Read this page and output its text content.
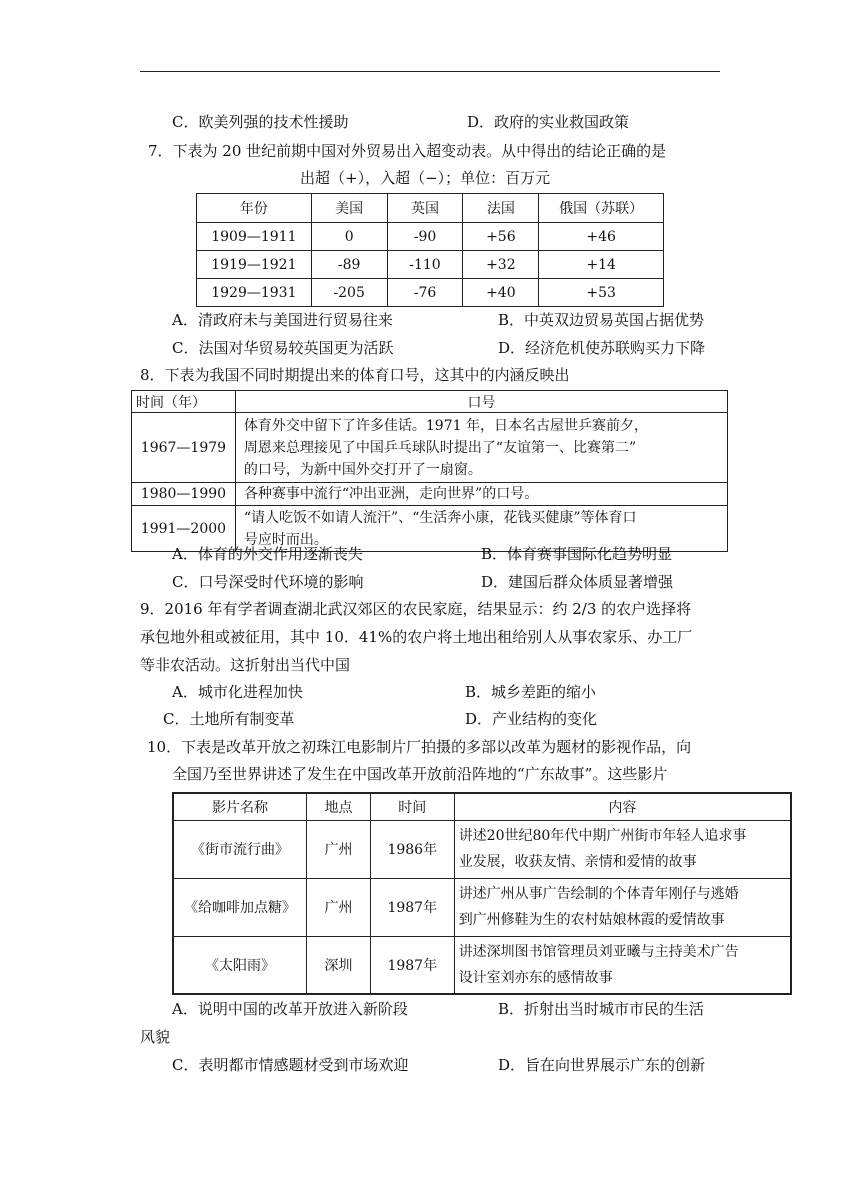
C．欧美列强的技术性援助	D．政府的实业救国政策
7．下表为 20 世纪前期中国对外贸易出入超变动表。从中得出的结论正确的是
出超（+），入超（−）；单位：百万元
年份	美国	英国	法国	俄国（苏联）
1909—1911	0	-90	+56	+46
1919—1921	-89	-110	+32	+14
1929—1931	-205	-76	+40	+53
A．清政府未与美国进行贸易往来	B．中英双边贸易英国占据优势
C．法国对华贸易较英国更为活跃	D．经济危机使苏联购买力下降
8．下表为我国不同时期提出来的体育口号，这其中的内涵反映出
时间（年）	口号
1967—1979	体育外交中留下了许多佳话。1971 年，日本名古屋世乒赛前夕，
周恩来总理接见了中国乒乓球队时提出了“友谊第一、比赛第二”
的口号，为新中国外交打开了一扇窗。

1980—1990	各种赛事中流行“冲出亚洲，走向世界”的口号。

1991—2000	“请人吃饭不如请人流汗”、“生活奔小康，花钱买健康”等体育口
号应时而出。
A．体育的外交作用逐渐丧失	B．体育赛事国际化趋势明显
C．口号深受时代环境的影响	D．建国后群众体质显著增强
9．2016 年有学者调查湖北武汉郊区的农民家庭，结果显示：约 2/3 的农户选择将
承包地外租或被征用，其中 10．41%的农户将土地出租给别人从事农家乐、办工厂
等非农活动。这折射出当代中国
A．城市化进程加快	B．城乡差距的缩小
C．土地所有制变革	D．产业结构的变化
10．下表是改革开放之初珠江电影制片厂拍摄的多部以改革为题材的影视作品，向
全国乃至世界讲述了发生在中国改革开放前沿阵地的“广东故事”。这些影片
影片名称	地点	时间	内容
《街市流行曲》	广州	1986年	讲述20世纪80年代中期广州街市年轻人追求事
业发展，收获友情、亲情和爱情的故事

《给咖啡加点糖》	广州	1987年	讲述广州从事广告绘制的个体青年刚仔与逃婚
到广州修鞋为生的农村姑娘林霞的爱情故事

《太阳雨》	深圳	1987年	讲述深圳图书馆管理员刘亚曦与主持美术广告
设计室刘亦东的感情故事
A．说明中国的改革开放进入新阶段	B．折射出当时城市市民的生活
风貌
C．表明都市情感题材受到市场欢迎	D．旨在向世界展示广东的创新
